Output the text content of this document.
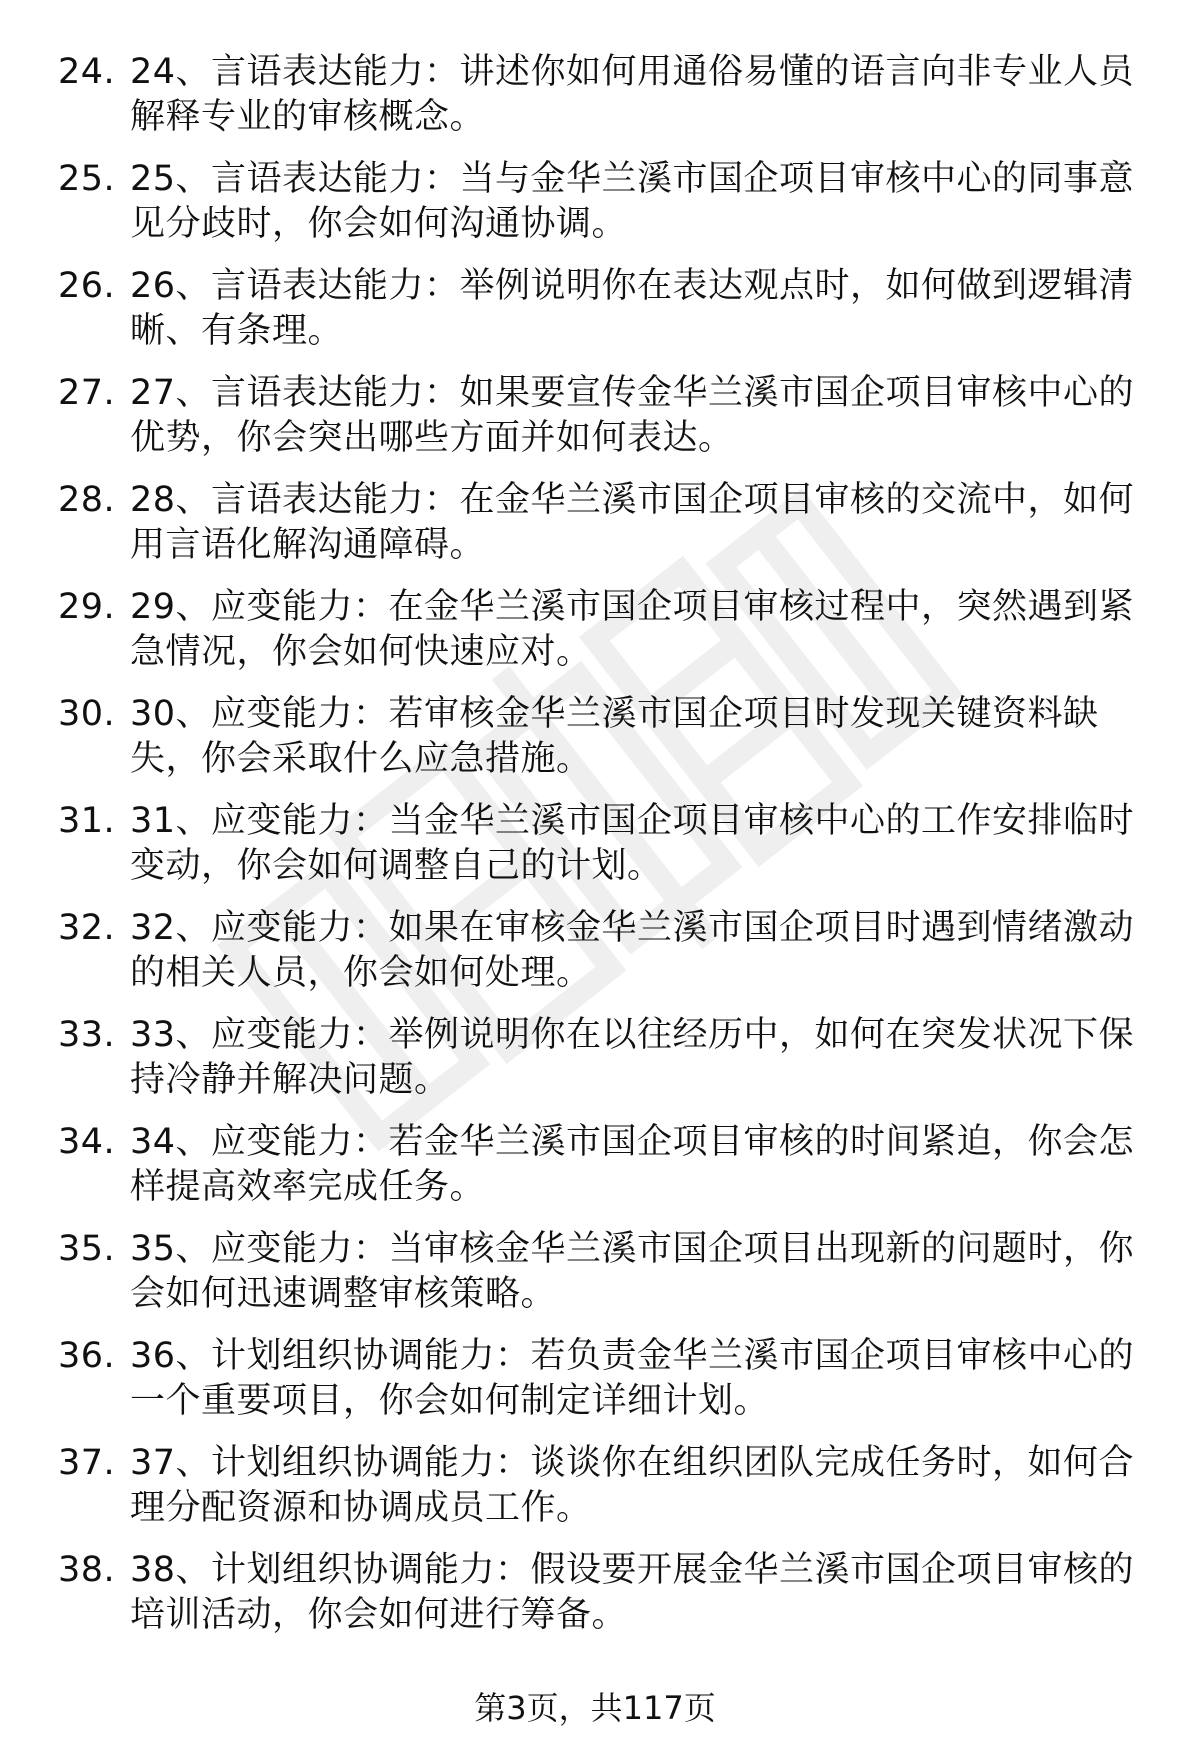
24. 24、言语表达能力：讲述你如何用通俗易懂的语言向非专业人员解释专业的审核概念。
25. 25、言语表达能力：当与金华兰溪市国企项目审核中心的同事意见分歧时，你会如何沟通协调。
26. 26、言语表达能力：举例说明你在表达观点时，如何做到逻辑清晰、有条理。
27. 27、言语表达能力：如果要宣传金华兰溪市国企项目审核中心的优势，你会突出哪些方面并如何表达。
28. 28、言语表达能力：在金华兰溪市国企项目审核的交流中，如何用言语化解沟通障碍。
29. 29、应变能力：在金华兰溪市国企项目审核过程中，突然遇到紧急情况，你会如何快速应对。
30. 30、应变能力：若审核金华兰溪市国企项目时发现关键资料缺失，你会采取什么应急措施。
31. 31、应变能力：当金华兰溪市国企项目审核中心的工作安排临时变动，你会如何调整自己的计划。
32. 32、应变能力：如果在审核金华兰溪市国企项目时遇到情绪激动的相关人员，你会如何处理。
33. 33、应变能力：举例说明你在以往经历中，如何在突发状况下保持冷静并解决问题。
34. 34、应变能力：若金华兰溪市国企项目审核的时间紧迫，你会怎样提高效率完成任务。
35. 35、应变能力：当审核金华兰溪市国企项目出现新的问题时，你会如何迅速调整审核策略。
36. 36、计划组织协调能力：若负责金华兰溪市国企项目审核中心的一个重要项目，你会如何制定详细计划。
37. 37、计划组织协调能力：谈谈你在组织团队完成任务时，如何合理分配资源和协调成员工作。
38. 38、计划组织协调能力：假设要开展金华兰溪市国企项目审核的培训活动，你会如何进行筹备。
第3页，共117页
